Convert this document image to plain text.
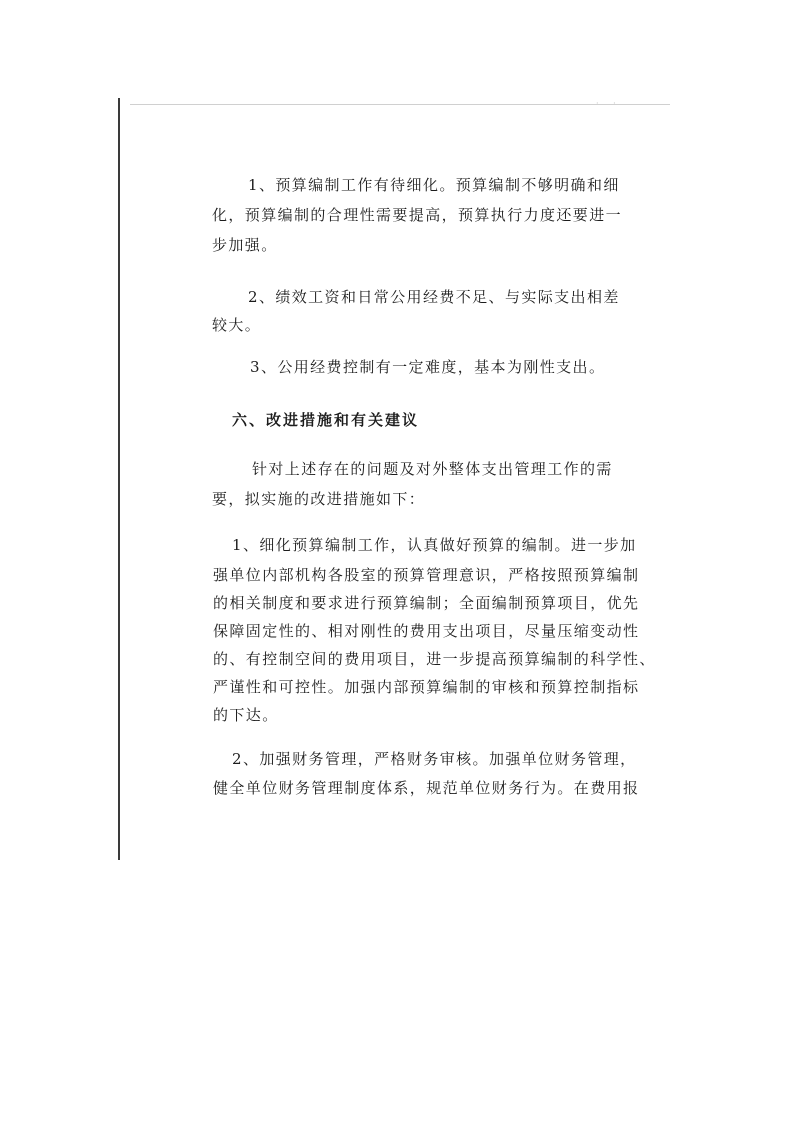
· ·
1、预算编制工作有待细化。预算编制不够明确和细
化，预算编制的合理性需要提高，预算执行力度还要进一
步加强。
2、绩效工资和日常公用经费不足、与实际支出相差
较大。
3、公用经费控制有一定难度，基本为刚性支出。
六、改进措施和有关建议
针对上述存在的问题及对外整体支出管理工作的需
要，拟实施的改进措施如下：
1、细化预算编制工作，认真做好预算的编制。进一步加
强单位内部机构各股室的预算管理意识，严格按照预算编制
的相关制度和要求进行预算编制；全面编制预算项目，优先
保障固定性的、相对刚性的费用支出项目，尽量压缩变动性
的、有控制空间的费用项目，进一步提高预算编制的科学性、
严谨性和可控性。加强内部预算编制的审核和预算控制指标
的下达。
2、加强财务管理，严格财务审核。加强单位财务管理，
健全单位财务管理制度体系，规范单位财务行为。在费用报
